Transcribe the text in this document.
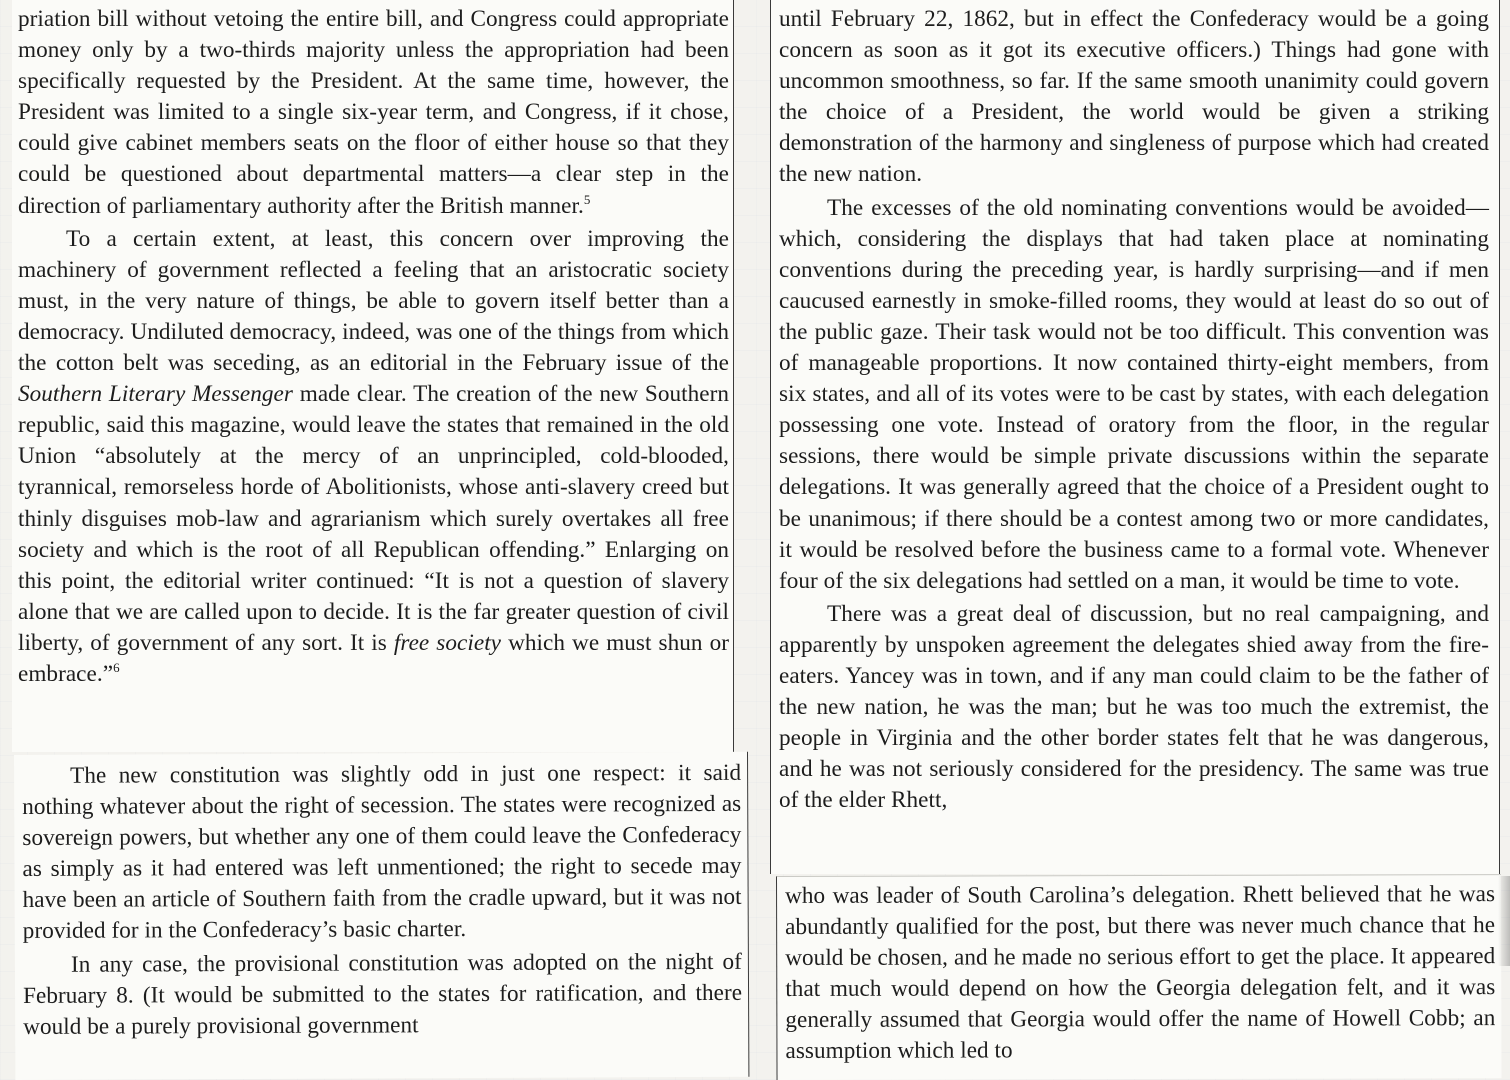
priation bill without vetoing the entire bill, and Congress could appropriate money only by a two-thirds majority unless the appropriation had been specifically requested by the President. At the same time, however, the President was limited to a single six-year term, and Congress, if it chose, could give cabinet members seats on the floor of either house so that they could be questioned about departmental matters—a clear step in the direction of parliamentary authority after the British manner.$^5$

To a certain extent, at least, this concern over improving the machinery of government reflected a feeling that an aristocratic society must, in the very nature of things, be able to govern itself better than a democracy. Undiluted democracy, indeed, was one of the things from which the cotton belt was seceding, as an editorial in the February issue of the Southern Literary Messenger made clear. The creation of the new Southern republic, said this magazine, would leave the states that remained in the old Union “absolutely at the mercy of an unprincipled, cold-blooded, tyrannical, remorseless horde of Abolitionists, whose anti-slavery creed but thinly disguises mob-law and agrarianism which surely overtakes all free society and which is the root of all Republican offending.” Enlarging on this point, the editorial writer continued: “It is not a question of slavery alone that we are called upon to decide. It is the far greater question of civil liberty, of government of any sort. It is free society which we must shun or embrace.”$^6$

The new constitution was slightly odd in just one respect: it said nothing whatever about the right of secession. The states were recognized as sovereign powers, but whether any one of them could leave the Confederacy as simply as it had entered was left unmentioned; the right to secede may have been an article of Southern faith from the cradle upward, but it was not provided for in the Confederacy’s basic charter.

In any case, the provisional constitution was adopted on the night of February 8. (It would be submitted to the states for ratification, and there would be a purely provisional government

until February 22, 1862, but in effect the Confederacy would be a going concern as soon as it got its executive officers.) Things had gone with uncommon smoothness, so far. If the same smooth unanimity could govern the choice of a President, the world would be given a striking demonstration of the harmony and singleness of purpose which had created the new nation.

The excesses of the old nominating conventions would be avoided—which, considering the displays that had taken place at nominating conventions during the preceding year, is hardly surprising—and if men caucused earnestly in smoke-filled rooms, they would at least do so out of the public gaze. Their task would not be too difficult. This convention was of manageable proportions. It now contained thirty-eight members, from six states, and all of its votes were to be cast by states, with each delegation possessing one vote. Instead of oratory from the floor, in the regular sessions, there would be simple private discussions within the separate delegations. It was generally agreed that the choice of a President ought to be unanimous; if there should be a contest among two or more candidates, it would be resolved before the business came to a formal vote. Whenever four of the six delegations had settled on a man, it would be time to vote.

There was a great deal of discussion, but no real campaigning, and apparently by unspoken agreement the delegates shied away from the fire-eaters. Yancey was in town, and if any man could claim to be the father of the new nation, he was the man; but he was too much the extremist, the people in Virginia and the other border states felt that he was dangerous, and he was not seriously considered for the presidency. The same was true of the elder Rhett,

who was leader of South Carolina’s delegation. Rhett believed that he was abundantly qualified for the post, but there was never much chance that he would be chosen, and he made no serious effort to get the place. It appeared that much would depend on how the Georgia delegation felt, and it was generally assumed that Georgia would offer the name of Howell Cobb; an assumption which led to
